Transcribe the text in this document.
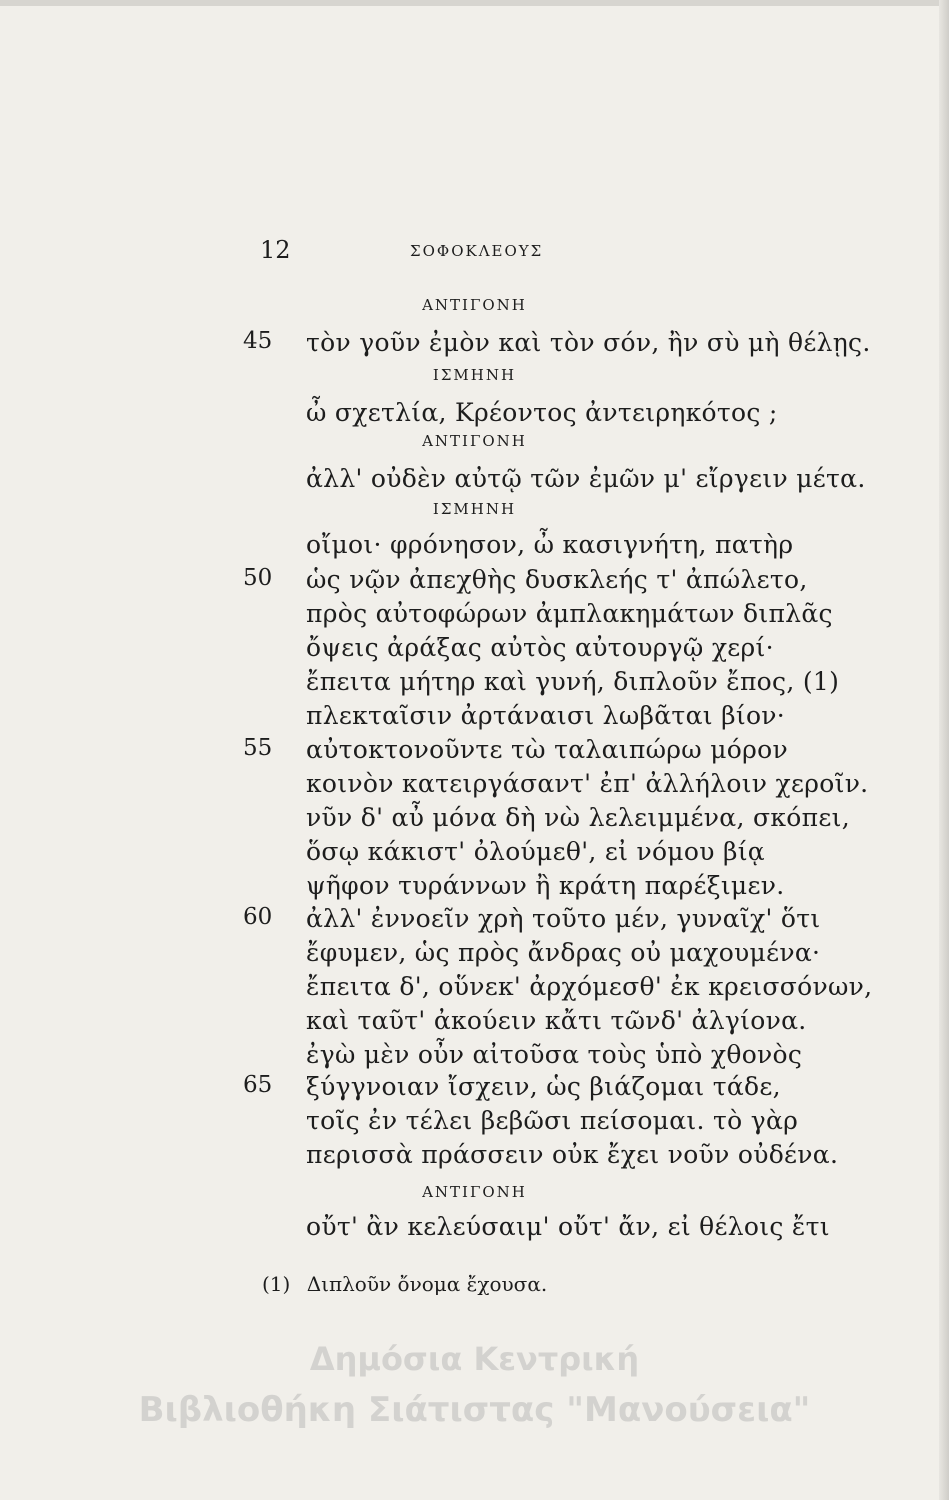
12	ΣΟΦΟΚΛΕΟΥΣ
ΑΝΤΙΓΟΝΗ
ΙΣΜΗΝΗ
ΑΝΤΙΓΟΝΗ
ΙΣΜΗΝΗ
ΑΝΤΙΓΟΝΗ
45
50
55
60
65
τὸν γοῦν ἐμὸν καὶ τὸν σόν, ἢν σὺ μὴ θέλῃς.
ὦ σχετλία, Κρέοντος ἀντειρηκότος ;
ἀλλ' οὐδὲν αὐτῷ τῶν ἐμῶν μ' εἴργειν μέτα.
οἴμοι· φρόνησον, ὦ κασιγνήτη, πατὴρ
ὡς νῷν ἀπεχθὴς δυσκλεής τ' ἀπώλετο,
πρὸς αὐτοφώρων ἀμπλακημάτων διπλᾶς
ὄψεις ἀράξας αὐτὸς αὐτουργῷ χερί·
ἔπειτα μήτηρ καὶ γυνή, διπλοῦν ἔπος, (1)
πλεκταῖσιν ἀρτάναισι λωβᾶται βίον·
αὐτοκτονοῦντε τὼ ταλαιπώρω μόρον
κοινὸν κατειργάσαντ' ἐπ' ἀλλήλοιν χεροῖν.
νῦν δ' αὖ μόνα δὴ νὼ λελειμμένα, σκόπει,
ὅσῳ κάκιστ' ὀλούμεθ', εἰ νόμου βίᾳ
ψῆφον τυράννων ἢ κράτη παρέξιμεν.
ἀλλ' ἐννοεῖν χρὴ τοῦτο μέν, γυναῖχ' ὅτι
ἔφυμεν, ὡς πρὸς ἄνδρας οὐ μαχουμένα·
ἔπειτα δ', οὕνεκ' ἀρχόμεσθ' ἐκ κρεισσόνων,
καὶ ταῦτ' ἀκούειν κἄτι τῶνδ' ἀλγίονα.
ἐγὼ μὲν οὖν αἰτοῦσα τοὺς ὑπὸ χθονὸς
ξύγγνοιαν ἴσχειν, ὡς βιάζομαι τάδε,
τοῖς ἐν τέλει βεβῶσι πείσομαι. τὸ γὰρ
περισσὰ πράσσειν οὐκ ἔχει νοῦν οὐδένα.
οὔτ' ἂν κελεύσαιμ' οὔτ' ἄν, εἰ θέλοις ἔτι
(1) Διπλοῦν ὄνομα ἔχουσα.
Δημόσια Κεντρική
Βιβλιοθήκη Σιάτιστας "Μανούσεια"
